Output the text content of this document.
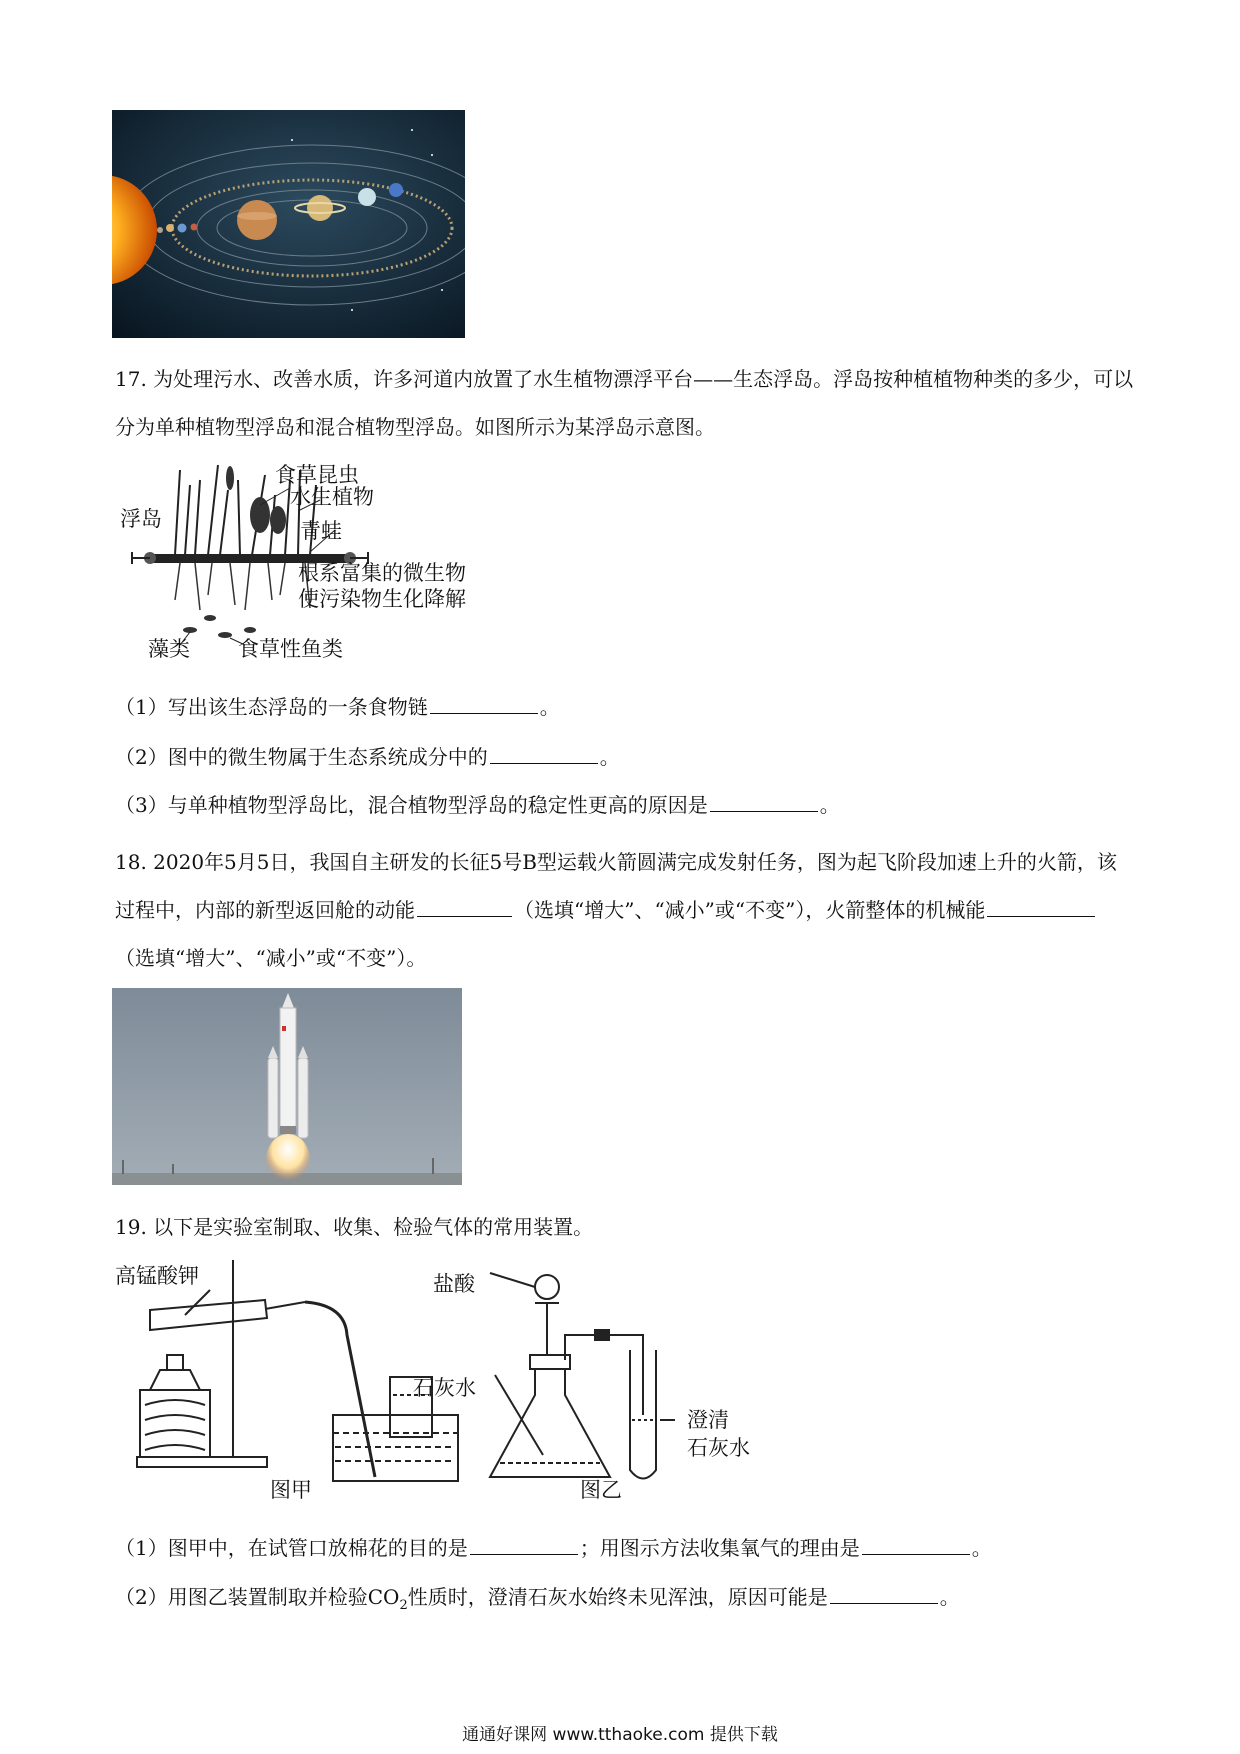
17. 为处理污水、改善水质，许多河道内放置了水生植物漂浮平台——生态浮岛。浮岛按种植植物种类的多少，可以分为单种植物型浮岛和混合植物型浮岛。如图所示为某浮岛示意图。
食草昆虫
水生植物
浮岛	青蛙
根系富集的微生物
使污染物生化降解
藻类 食草性鱼类
（1）写出该生态浮岛的一条食物链	。
（2）图中的微生物属于生态系统成分中的	。
（3）与单种植物型浮岛比，混合植物型浮岛的稳定性更高的原因是	。
18. 2020年5月5日，我国自主研发的长征5号B型运载火箭圆满完成发射任务，图为起飞阶段加速上升的火箭，该过程中，内部的新型返回舱的动能	（选填“增大”、“减小”或“不变”），火箭整体的机械能（选填“增大”、“减小”或“不变”）。
19. 以下是实验室制取、收集、检验气体的常用装置。
高锰酸钾	盐酸
石灰水
澄清
石灰水
图甲	图乙
（1）图甲中，在试管口放棉花的目的是	；用图示方法收集氧气的理由是	。
（2）用图乙装置制取并检验$CO_2$性质时，澄清石灰水始终未见浑浊，原因可能是	。
通通好课网 www.tthaoke.com 提供下载
